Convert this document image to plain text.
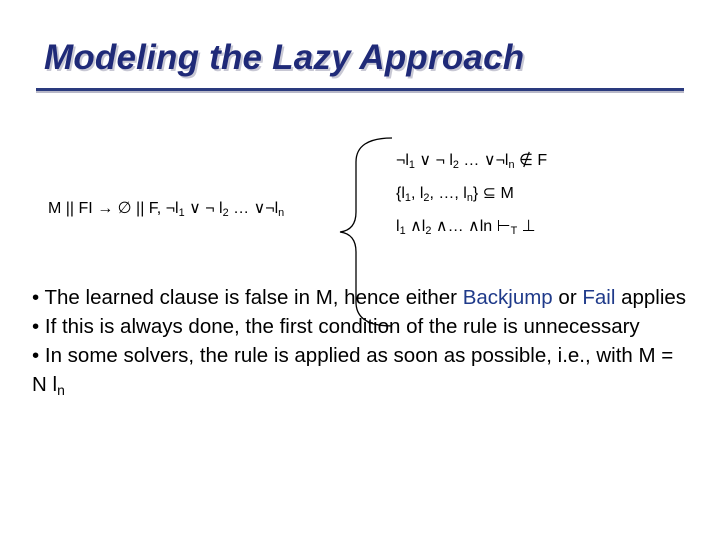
Modeling the Lazy Approach
M || FI → ∅ || F, $\neg l_1$ ∨ ¬ $l_2$ … $\vee\neg l_n$
$\neg l_1$ ∨ ¬ $l_2$ … $\vee\neg l_n$ ∉ F
{$l_1$, $l_2$, …, $l_n$} ⊆ M
$l_1$ $\wedge l_2$ ∧… ∧ln $⊢_T$ ⊥
• The learned clause is false in M, hence either Backjump or Fail applies
• If this is always done, the first condition of the rule is unnecessary
• In some solvers, the rule is applied as soon as possible, i.e., with M = N $l_n$
